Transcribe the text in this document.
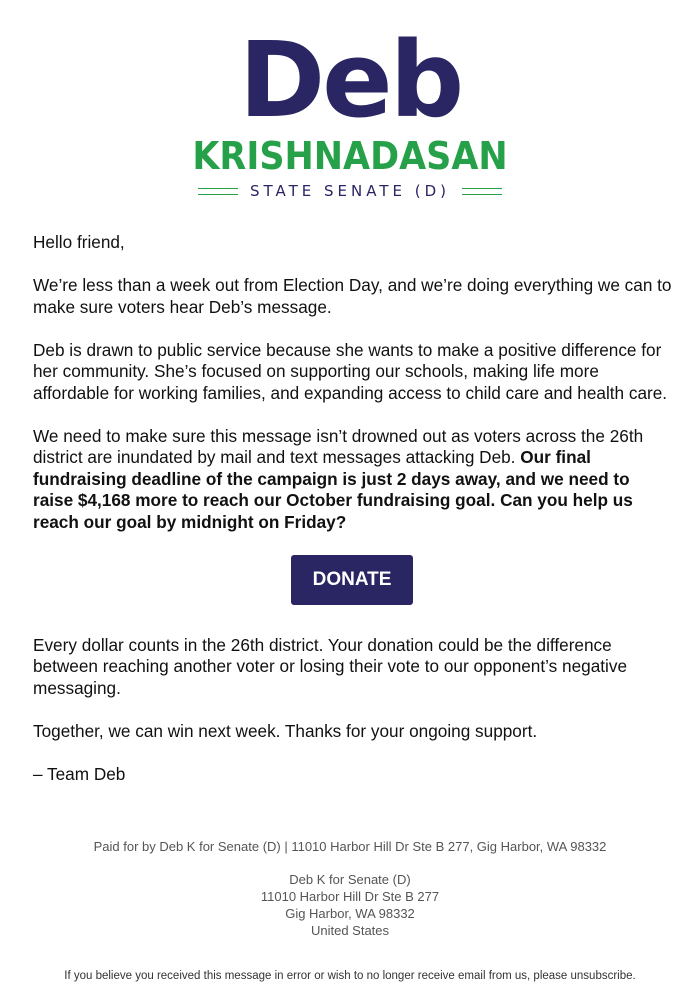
Deb
KRISHNADASAN
STATE SENATE (D)

Hello friend,

We’re less than a week out from Election Day, and we’re doing everything we can to make sure voters hear Deb’s message.

Deb is drawn to public service because she wants to make a positive difference for her community. She’s focused on supporting our schools, making life more affordable for working families, and expanding access to child care and health care.

We need to make sure this message isn’t drowned out as voters across the 26th district are inundated by mail and text messages attacking Deb. Our final fundraising deadline of the campaign is just 2 days away, and we need to raise $4,168 more to reach our October fundraising goal. Can you help us reach our goal by midnight on Friday?

DONATE

Every dollar counts in the 26th district. Your donation could be the difference between reaching another voter or losing their vote to our opponent’s negative messaging.

Together, we can win next week. Thanks for your ongoing support.

– Team Deb

Paid for by Deb K for Senate (D) | 11010 Harbor Hill Dr Ste B 277, Gig Harbor, WA 98332
Deb K for Senate (D)
11010 Harbor Hill Dr Ste B 277
Gig Harbor, WA 98332
United States
If you believe you received this message in error or wish to no longer receive email from us, please unsubscribe.
